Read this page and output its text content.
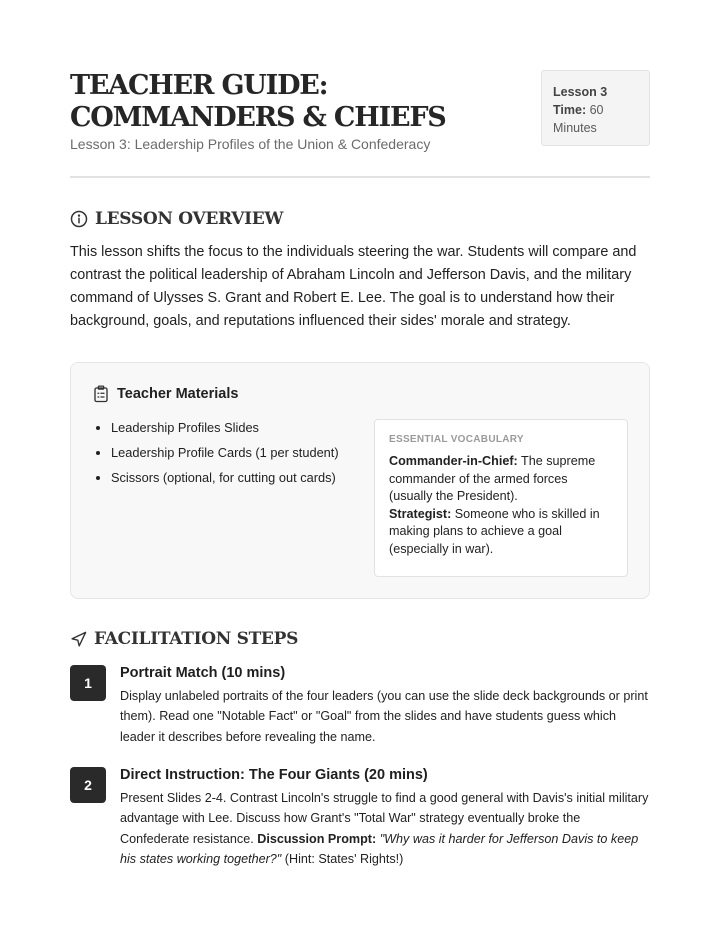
TEACHER GUIDE: COMMANDERS & CHIEFS
Lesson 3: Leadership Profiles of the Union & Confederacy
Lesson 3
Time: 60 Minutes
LESSON OVERVIEW

This lesson shifts the focus to the individuals steering the war. Students will compare and contrast the political leadership of Abraham Lincoln and Jefferson Davis, and the military command of Ulysses S. Grant and Robert E. Lee. The goal is to understand how their background, goals, and reputations influenced their sides' morale and strategy.

Teacher Materials
• Leadership Profiles Slides
• Leadership Profile Cards (1 per student)
• Scissors (optional, for cutting out cards)
ESSENTIAL VOCABULARY

Commander-in-Chief: The supreme commander of the armed forces (usually the President).

Strategist: Someone who is skilled in making plans to achieve a goal (especially in war).

FACILITATION STEPS
1
Portrait Match (10 mins)

Display unlabeled portraits of the four leaders (you can use the slide deck backgrounds or print them). Read one "Notable Fact" or "Goal" from the slides and have students guess which leader it describes before revealing the name.

2
Direct Instruction: The Four Giants (20 mins)

Present Slides 2-4. Contrast Lincoln's struggle to find a good general with Davis's initial military advantage with Lee. Discuss how Grant's "Total War" strategy eventually broke the Confederate resistance. Discussion Prompt: "Why was it harder for Jefferson Davis to keep his states working together?" (Hint: States' Rights!)
